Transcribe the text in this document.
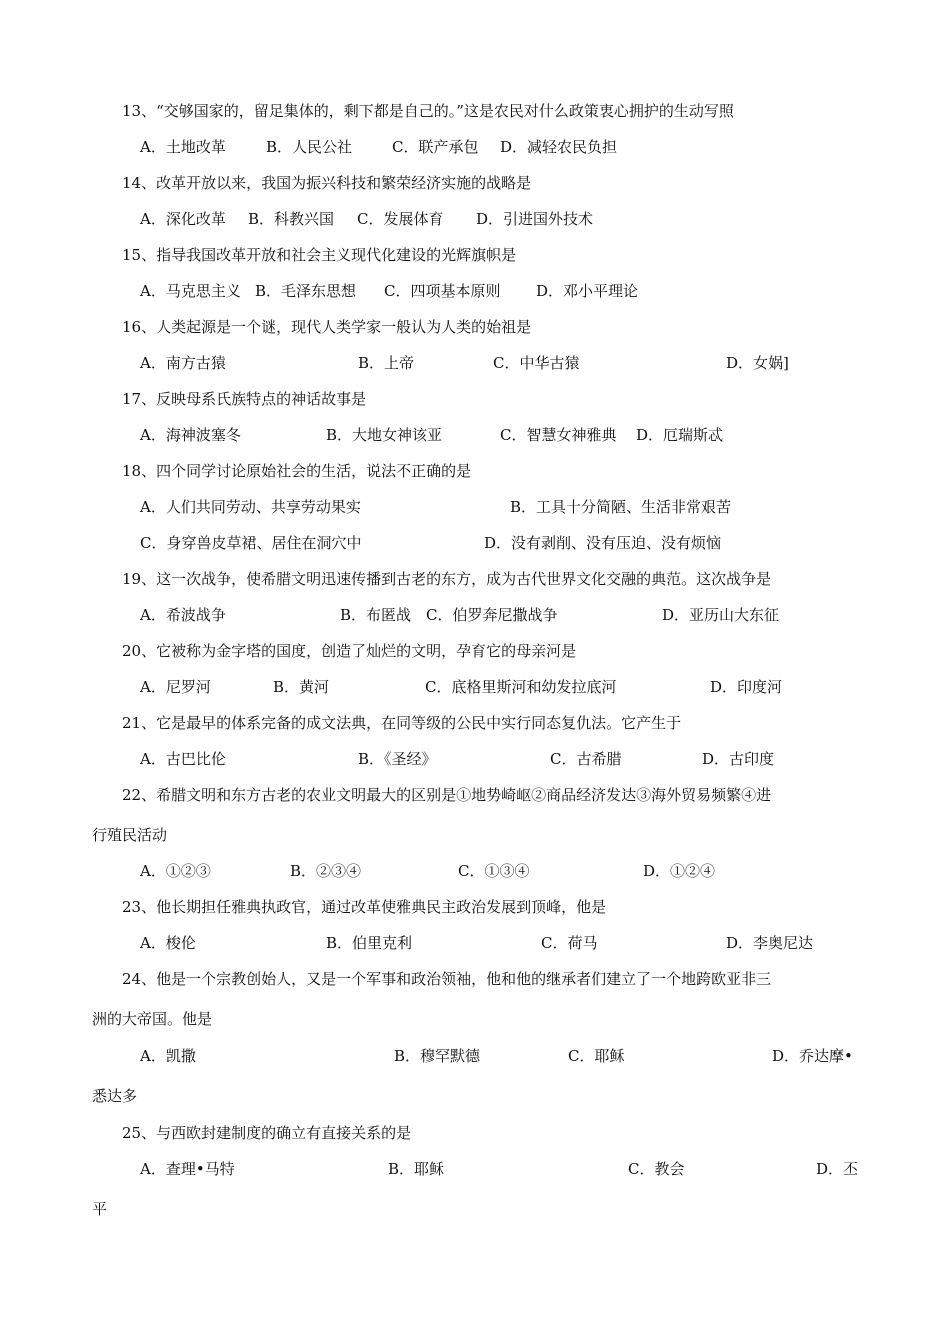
13、“交够国家的，留足集体的，剩下都是自己的。”这是农民对什么政策衷心拥护的生动写照
A．土地改革	B．人民公社	C．联产承包 D．减轻农民负担
14、改革开放以来，我国为振兴科技和繁荣经济实施的战略是
A．深化改革 B．科教兴国 C．发展体育 D．引进国外技术
15、指导我国改革开放和社会主义现代化建设的光辉旗帜是
A．马克思主义 B．毛泽东思想 C．四项基本原则 D．邓小平理论
16、人类起源是一个谜，现代人类学家一般认为人类的始祖是
A．南方古猿	B．上帝	C．中华古猿	D．女娲]
17、反映母系氏族特点的神话故事是
A．海神波塞冬	B．大地女神该亚	C．智慧女神雅典 D．厄瑞斯忒
18、四个同学讨论原始社会的生活，说法不正确的是
A．人们共同劳动、共享劳动果实	B．工具十分简陋、生活非常艰苦
C．身穿兽皮草裙、居住在洞穴中	D．没有剥削、没有压迫、没有烦恼
19、这一次战争，使希腊文明迅速传播到古老的东方，成为古代世界文化交融的典范。这次战争是
A．希波战争	B．布匿战 C．伯罗奔尼撒战争	D．亚历山大东征
20、它被称为金字塔的国度，创造了灿烂的文明，孕育它的母亲河是
A．尼罗河	B．黄河	C．底格里斯河和幼发拉底河	D．印度河
21、它是最早的体系完备的成文法典，在同等级的公民中实行同态复仇法。它产生于
A．古巴比伦	B．《圣经》	C．古希腊	D．古印度
22、希腊文明和东方古老的农业文明最大的区别是①地势崎岖②商品经济发达③海外贸易频繁④进
行殖民活动
A．①②③	B．②③④	C．①③④	D．①②④
23、他长期担任雅典执政官，通过改革使雅典民主政治发展到顶峰，他是
A．梭伦	B．伯里克利	C．荷马	D．李奥尼达
24、他是一个宗教创始人，又是一个军事和政治领袖，他和他的继承者们建立了一个地跨欧亚非三
洲的大帝国。他是
A．凯撒	B．穆罕默德	C．耶稣	D．乔达摩•
悉达多
25、与西欧封建制度的确立有直接关系的是
A．查理•马特	B．耶稣	C．教会	D．丕
平
